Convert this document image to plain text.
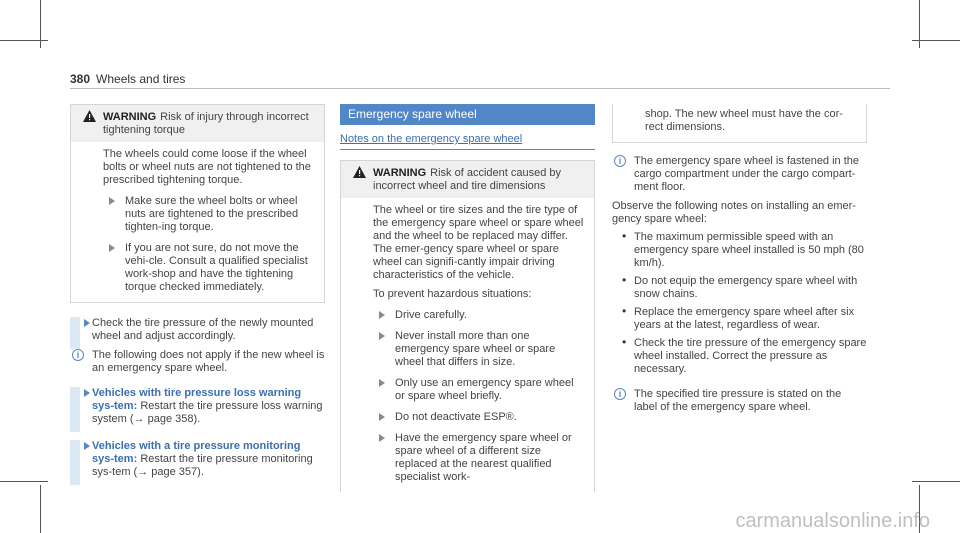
380 Wheels and tires
WARNING Risk of injury through incorrect tightening torque

The wheels could come loose if the wheel bolts or wheel nuts are not tightened to the prescribed tightening torque.

Make sure the wheel bolts or wheel nuts are tightened to the prescribed tighten-ing torque.
If you are not sure, do not move the vehi-cle. Consult a qualified specialist work-shop and have the tightening torque checked immediately.
Check the tire pressure of the newly mounted wheel and adjust accordingly.
i	The following does not apply if the new wheel is an emergency spare wheel.
Vehicles with tire pressure loss warning sys-tem: Restart the tire pressure loss warning system (→ page 358).
Vehicles with a tire pressure monitoring sys-tem: Restart the tire pressure monitoring sys-tem (→ page 357).
Emergency spare wheel
Notes on the emergency spare wheel
WARNING Risk of accident caused by incorrect wheel and tire dimensions

The wheel or tire sizes and the tire type of the emergency spare wheel or spare wheel and the wheel to be replaced may differ. The emer-gency spare wheel or spare wheel can signifi-cantly impair driving characteristics of the vehicle.

To prevent hazardous situations:

Drive carefully.
Never install more than one emergency spare wheel or spare wheel that differs in size.
Only use an emergency spare wheel or spare wheel briefly.
Do not deactivate ESP®.
Have the emergency spare wheel or spare wheel of a different size replaced at the nearest qualified specialist work-
shop. The new wheel must have the cor-rect dimensions.
i	The emergency spare wheel is fastened in the cargo compartment under the cargo compart-ment floor.
Observe the following notes on installing an emer-gency spare wheel:
• The maximum permissible speed with an emergency spare wheel installed is 50 mph (80 km/h).
• Do not equip the emergency spare wheel with snow chains.
• Replace the emergency spare wheel after six years at the latest, regardless of wear.
• Check the tire pressure of the emergency spare wheel installed. Correct the pressure as necessary.
i	The specified tire pressure is stated on the label of the emergency spare wheel.
carmanualsonline.info
